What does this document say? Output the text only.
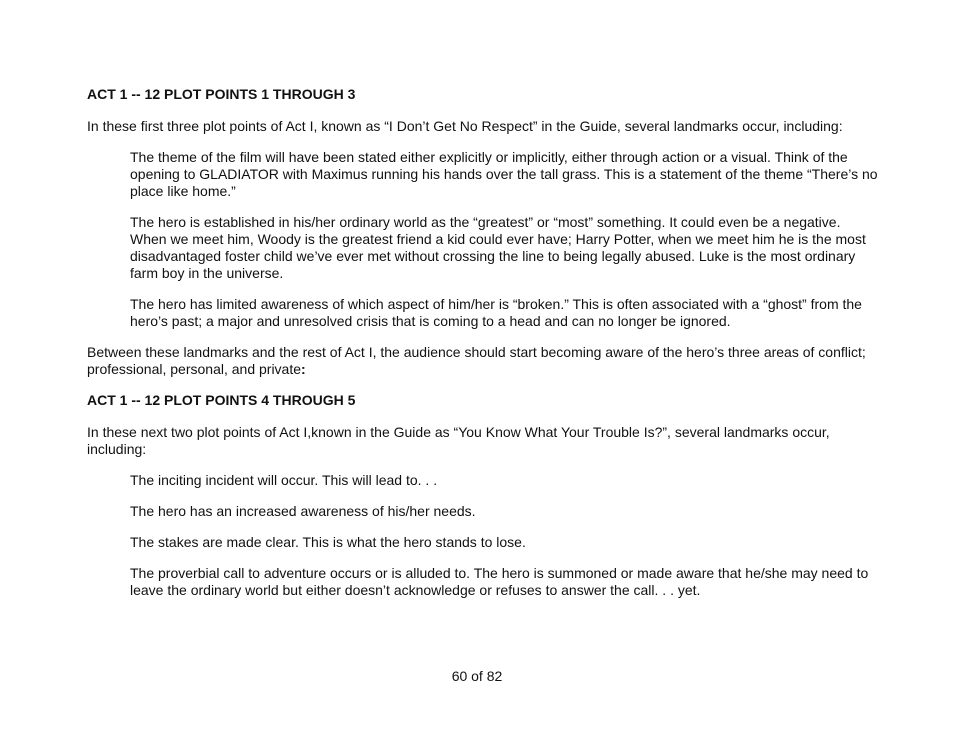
ACT 1 -- 12 PLOT POINTS 1 THROUGH 3

In these first three plot points of Act I, known as “I Don’t Get No Respect” in the Guide, several landmarks occur, including:

The theme of the film will have been stated either explicitly or implicitly, either through action or a visual. Think of the opening to GLADIATOR with Maximus running his hands over the tall grass. This is a statement of the theme “There’s no place like home.”

The hero is established in his/her ordinary world as the “greatest” or “most” something. It could even be a negative. When we meet him, Woody is the greatest friend a kid could ever have; Harry Potter, when we meet him he is the most disadvantaged foster child we’ve ever met without crossing the line to being legally abused. Luke is the most ordinary farm boy in the universe.

The hero has limited awareness of which aspect of him/her is “broken.” This is often associated with a “ghost” from the hero’s past; a major and unresolved crisis that is coming to a head and can no longer be ignored.

Between these landmarks and the rest of Act I, the audience should start becoming aware of the hero’s three areas of conflict; professional, personal, and private:

ACT 1 -- 12 PLOT POINTS 4 THROUGH 5

In these next two plot points of Act I,known in the Guide as “You Know What Your Trouble Is?”, several landmarks occur, including:

The inciting incident will occur. This will lead to. . .

The hero has an increased awareness of his/her needs.

The stakes are made clear. This is what the hero stands to lose.

The proverbial call to adventure occurs or is alluded to. The hero is summoned or made aware that he/she may need to leave the ordinary world but either doesn’t acknowledge or refuses to answer the call. . . yet.

60 of 82
